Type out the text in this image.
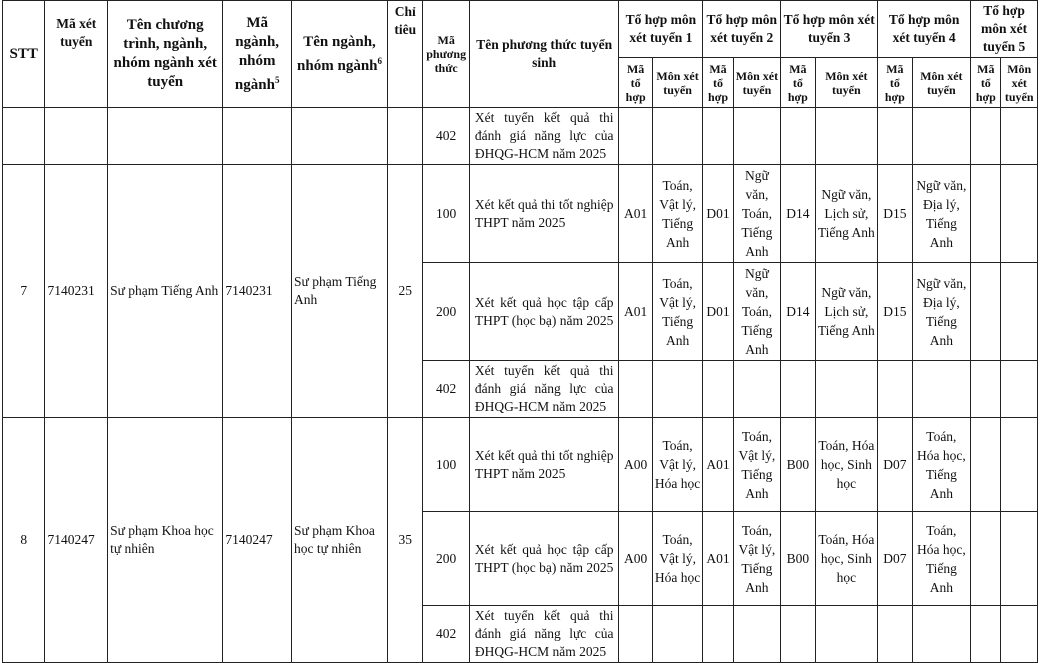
STT	Mã xét tuyển	Tên chương trình, ngành, nhóm ngành xét tuyển	Mã ngành, nhóm ngành$^5$	Tên ngành, nhóm ngành$^6$	Chỉ tiêu	Mã phương thức	Tên phương thức tuyển sinh	Tổ hợp môn xét tuyển 1		Tổ hợp môn xét tuyển 2		Tổ hợp môn xét tuyển 3		Tổ hợp môn xét tuyển 4		Tổ hợp môn xét tuyển 5	
								Mã tổ hợp	Môn xét tuyển	Mã tổ hợp	Môn xét tuyển	Mã tổ hợp	Môn xét tuyển	Mã tổ hợp	Môn xét tuyển	Mã tổ hợp	Môn xét tuyển
						402	Xét tuyển kết quả thi đánh giá năng lực của ĐHQG-HCM năm 2025										
7	7140231	Sư phạm Tiếng Anh	7140231	Sư phạm Tiếng Anh	25	100	Xét kết quả thi tốt nghiệp THPT năm 2025	A01	Toán, Vật lý, Tiếng Anh	D01	Ngữ văn, Toán, Tiếng Anh	D14	Ngữ văn, Lịch sử, Tiếng Anh	D15	Ngữ văn, Địa lý, Tiếng Anh		
						200	Xét kết quả học tập cấp THPT (học bạ) năm 2025	A01	Toán, Vật lý, Tiếng Anh	D01	Ngữ văn, Toán, Tiếng Anh	D14	Ngữ văn, Lịch sử, Tiếng Anh	D15	Ngữ văn, Địa lý, Tiếng Anh		
						402	Xét tuyển kết quả thi đánh giá năng lực của ĐHQG-HCM năm 2025										
8	7140247	Sư phạm Khoa học tự nhiên	7140247	Sư phạm Khoa học tự nhiên	35	100	Xét kết quả thi tốt nghiệp THPT năm 2025	A00	Toán, Vật lý, Hóa học	A01	Toán, Vật lý, Tiếng Anh	B00	Toán, Hóa học, Sinh học	D07	Toán, Hóa học, Tiếng Anh		
						200	Xét kết quả học tập cấp THPT (học bạ) năm 2025	A00	Toán, Vật lý, Hóa học	A01	Toán, Vật lý, Tiếng Anh	B00	Toán, Hóa học, Sinh học	D07	Toán, Hóa học, Tiếng Anh		
						402	Xét tuyển kết quả thi đánh giá năng lực của ĐHQG-HCM năm 2025										
